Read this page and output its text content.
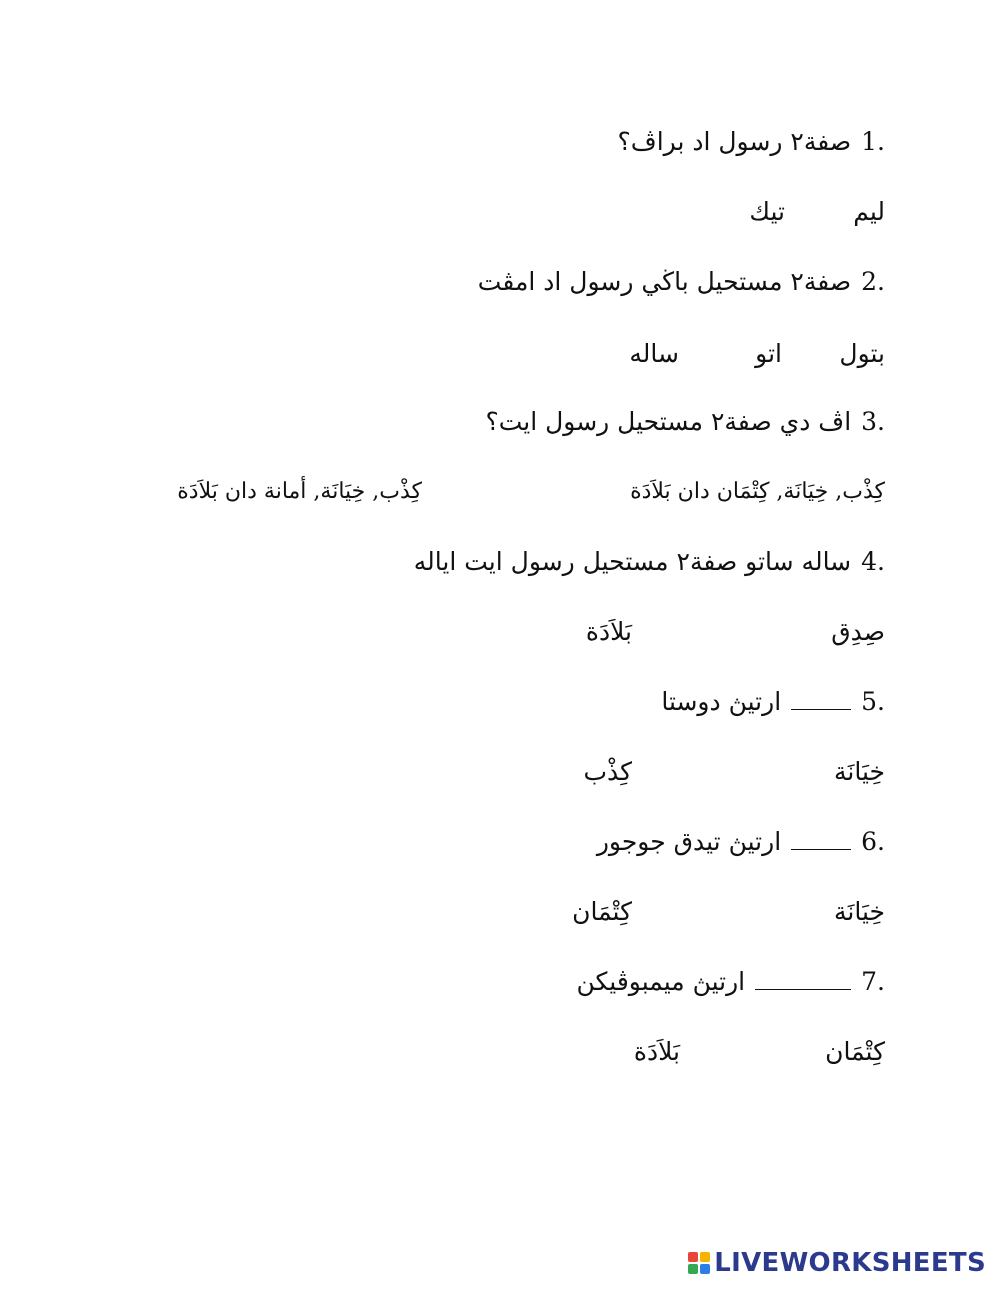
1.صفة٢ رسول اد براڤ؟
ليم
تيك
2.صفة٢ مستحيل باڬي رسول اد امڤت
بتول
اتو
ساله
3.اڤ دي صفة٢ مستحيل رسول ايت؟
كِذْب, خِيَانَة, كِتْمَان دان بَلاَدَة
كِذْب, خِيَانَة, أمانة دان بَلاَدَة
4.ساله ساتو صفة٢ مستحيل رسول ايت اياله
صِدِق
بَلاَدَة
5.ارتيڽ دوستا
خِيَانَة
كِذْب
6.ارتيڽ تيدق جوجور
خِيَانَة
كِتْمَان
7.ارتيڽ ميمبوڤيكن
كِتْمَان
بَلاَدَة
LIVEWORKSHEETS
